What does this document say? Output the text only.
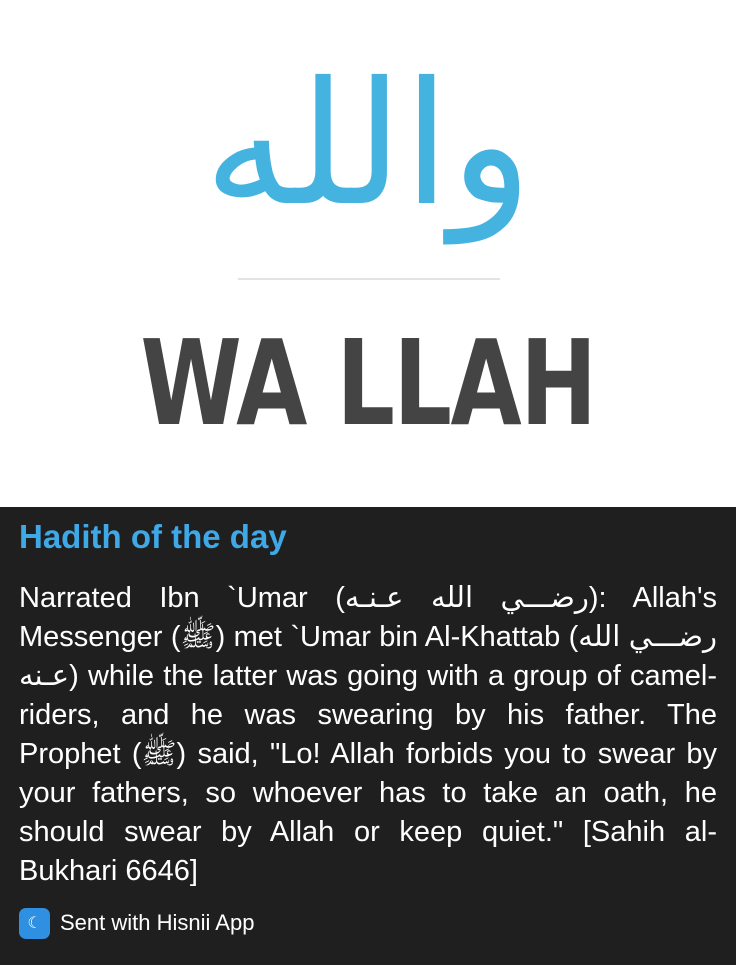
والله
WA LLAH
Hadith of the day
Narrated Ibn `Umar (رضـــي الله عـنـه): Allah's Messenger (ﷺ) met `Umar bin Al-Khattab (رضـــي الله عـنه) while the latter was going with a group of camel-riders, and he was swearing by his father. The Prophet (ﷺ) said, "Lo! Allah forbids you to swear by your fathers, so whoever has to take an oath, he should swear by Allah or keep quiet." [Sahih al-Bukhari 6646]
☾ Sent with Hisnii App
